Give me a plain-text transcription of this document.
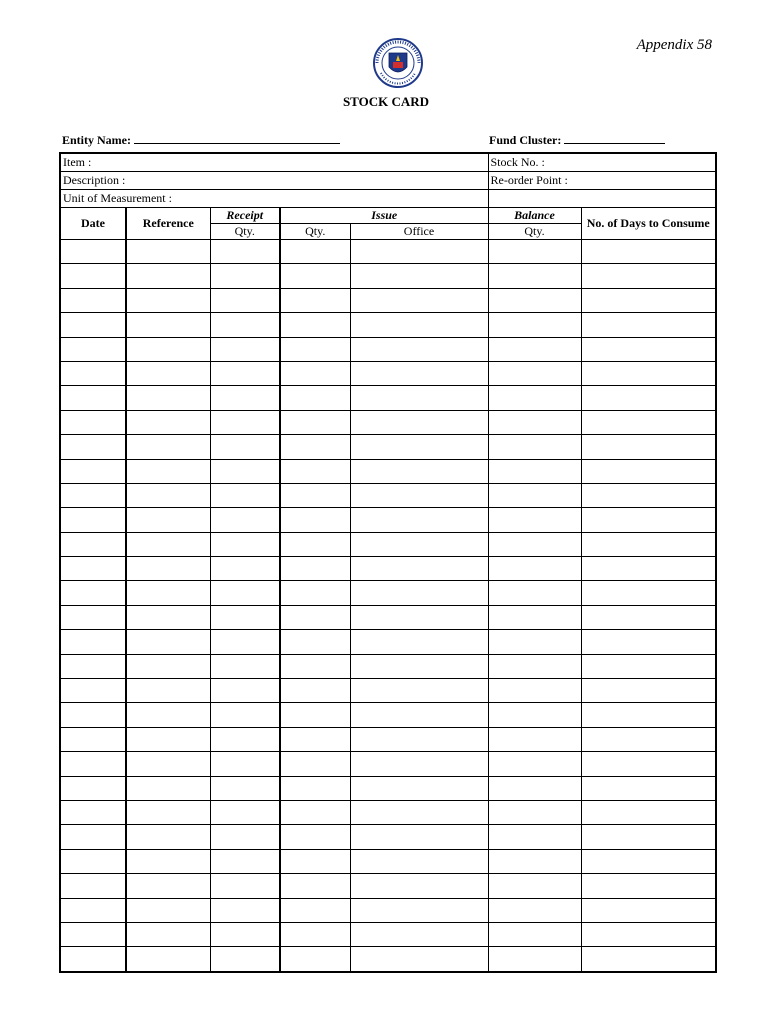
Appendix 58
STOCK CARD
Entity Name:	Fund Cluster:
Item :					Stock No. :	
Description :					Re-order Point :	
Unit of Measurement :						
Date	Reference	Receipt	Issue		Balance	No. of Days to Consume
		Qty.	Qty.	Office	Qty.	
